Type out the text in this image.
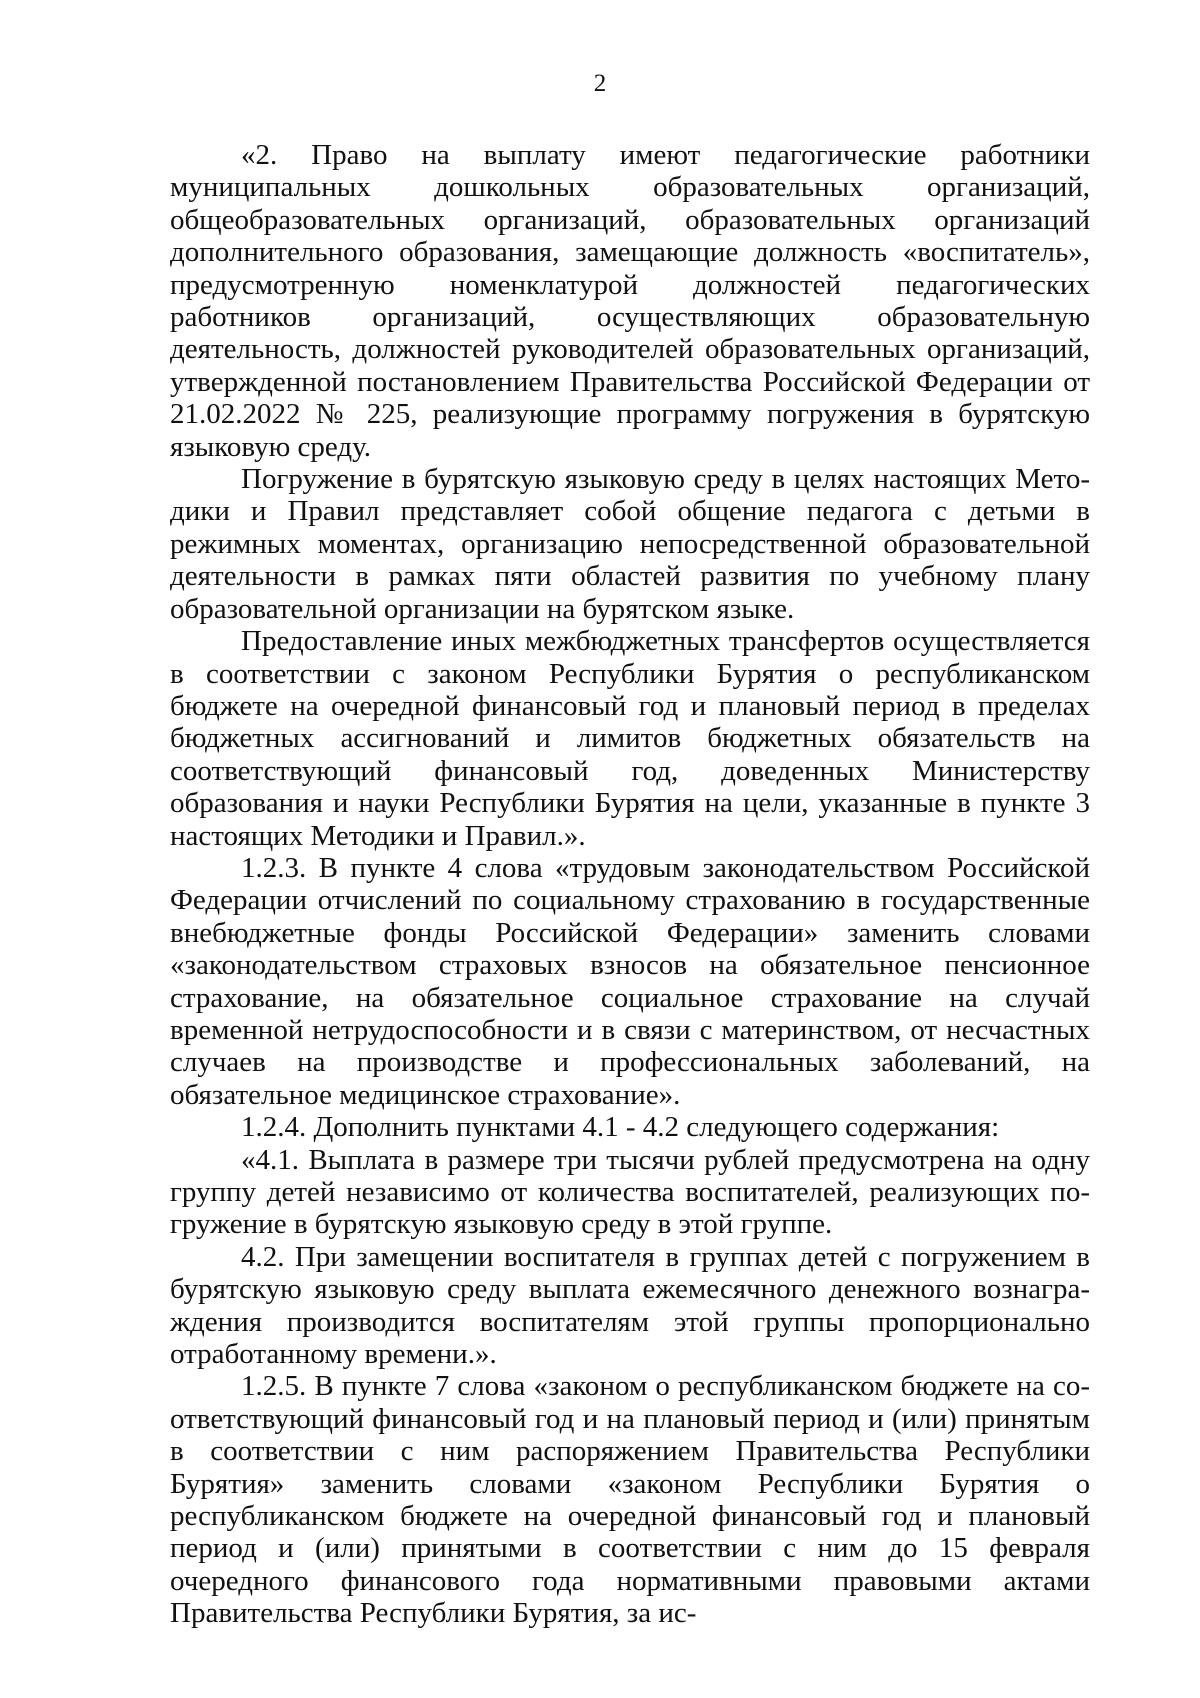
2

«2. Право на выплату имеют педагогические работники муниципальных дошкольных образовательных организаций, общеобразовательных организаций, образовательных организаций дополнительного образования, замещающие должность «воспитатель», предусмотренную номенклатурой должностей педагогических работников организаций, осуществляющих образовательную деятельность, должностей руководителей образовательных организаций, утвержденной постановлением Правительства Российской Федерации от 21.02.2022 № 225, реализующие программу погружения в бурятскую языковую среду.

Погружение в бурятскую языковую среду в целях настоящих Методики и Правил представляет собой общение педагога с детьми в режимных моментах, организацию непосредственной образовательной деятельности в рамках пяти областей развития по учебному плану образовательной организации на бурятском языке.

Предоставление иных межбюджетных трансфертов осуществляется в соответствии с законом Республики Бурятия о республиканском бюджете на очередной финансовый год и плановый период в пределах бюджетных ассигнований и лимитов бюджетных обязательств на соответствующий финансовый год, доведенных Министерству образования и науки Республики Бурятия на цели, указанные в пункте 3 настоящих Методики и Правил.».

1.2.3. В пункте 4 слова «трудовым законодательством Российской Федерации отчислений по социальному страхованию в государственные внебюджетные фонды Российской Федерации» заменить словами «законодательством страховых взносов на обязательное пенсионное страхование, на обязательное социальное страхование на случай временной нетрудоспособности и в связи с материнством, от несчастных случаев на производстве и профессиональных заболеваний, на обязательное медицинское страхование».

1.2.4. Дополнить пунктами 4.1 - 4.2 следующего содержания:

«4.1. Выплата в размере три тысячи рублей предусмотрена на одну группу детей независимо от количества воспитателей, реализующих погружение в бурятскую языковую среду в этой группе.

4.2. При замещении воспитателя в группах детей с погружением в бурятскую языковую среду выплата ежемесячного денежного вознаграждения производится воспитателям этой группы пропорционально отработанному времени.».

1.2.5. В пункте 7 слова «законом о республиканском бюджете на соответствующий финансовый год и на плановый период и (или) принятым в соответствии с ним распоряжением Правительства Республики Бурятия» заменить словами «законом Республики Бурятия о республиканском бюджете на очередной финансовый год и плановый период и (или) принятыми в соответствии с ним до 15 февраля очередного финансового года нормативными правовыми актами Правительства Республики Бурятия, за ис-
